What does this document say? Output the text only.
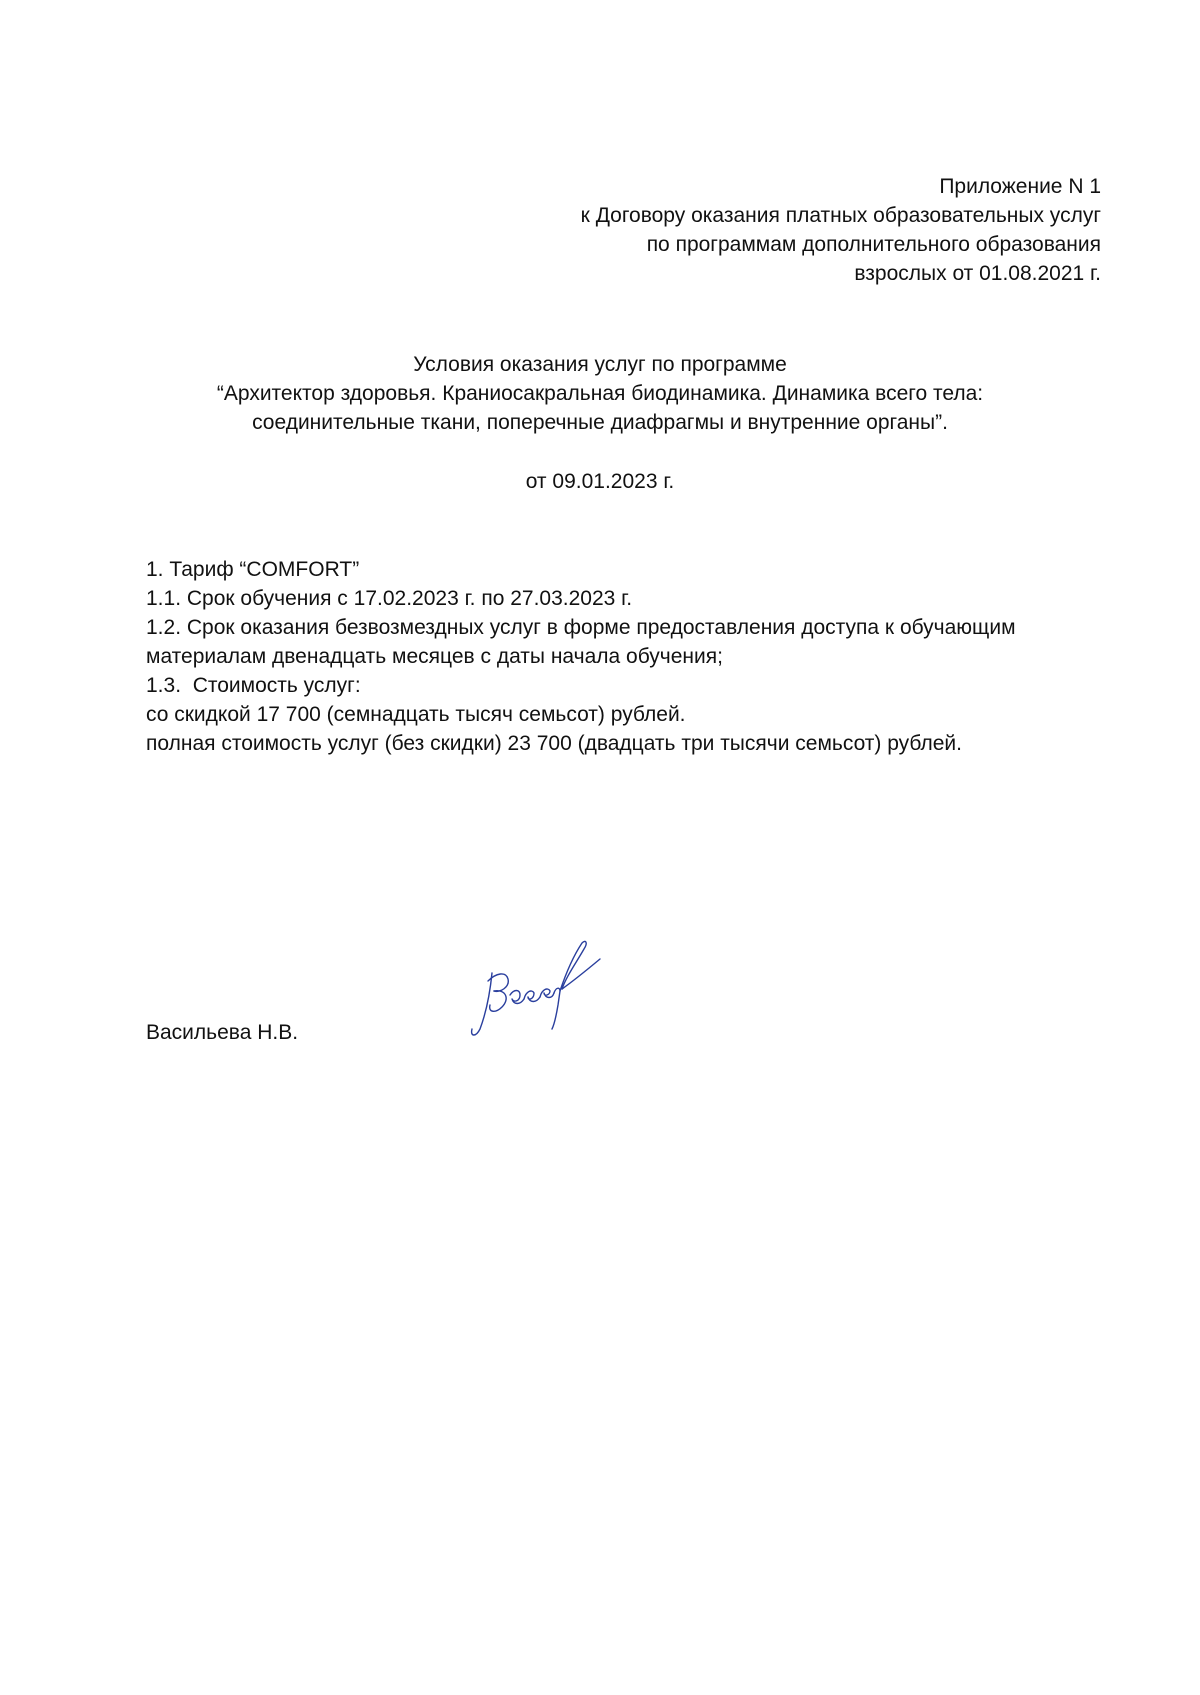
Приложение N 1
к Договору оказания платных образовательных услуг
по программам дополнительного образования
взрослых от 01.08.2021 г.
Условия оказания услуг по программе
“Архитектор здоровья. Краниосакральная биодинамика. Динамика всего тела:
соединительные ткани, поперечные диафрагмы и внутренние органы”.
от 09.01.2023 г.
1. Тариф “COMFORT”
1.1. Срок обучения с 17.02.2023 г. по 27.03.2023 г.
1.2. Срок оказания безвозмездных услуг в форме предоставления доступа к обучающим
материалам двенадцать месяцев с даты начала обучения;
1.3.  Стоимость услуг:
со скидкой 17 700 (семнадцать тысяч семьсот) рублей.
полная стоимость услуг (без скидки) 23 700 (двадцать три тысячи семьсот) рублей.
Васильева Н.В.
